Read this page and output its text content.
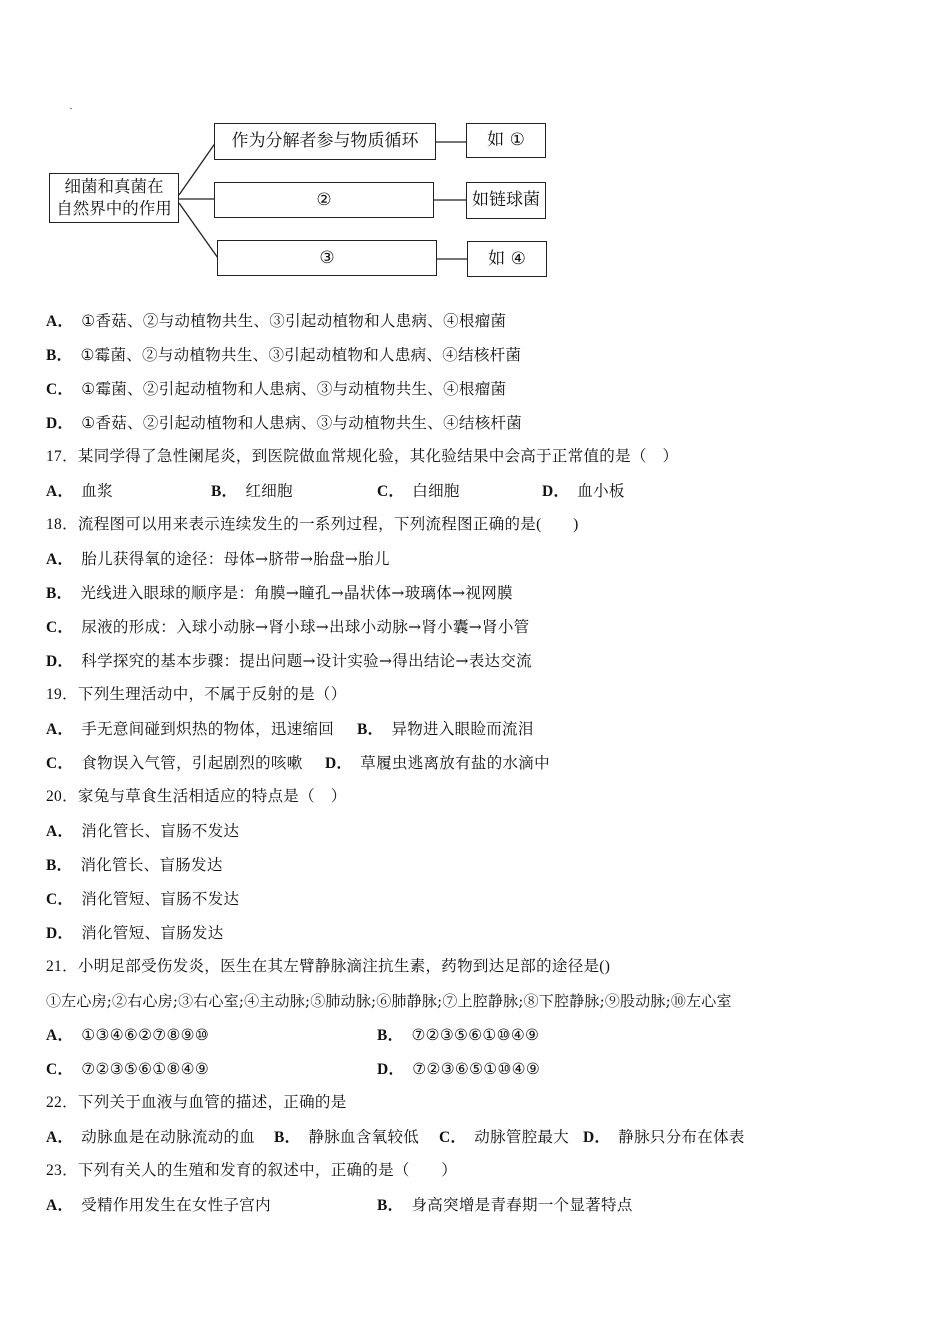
细菌和真菌在
自然界中的作用
作为分解者参与物质循环
②
③
如 ①
如链球菌
如 ④
A． ①香菇、②与动植物共生、③引起动植物和人患病、④根瘤菌
B． ①霉菌、②与动植物共生、③引起动植物和人患病、④结核杆菌
C． ①霉菌、②引起动植物和人患病、③与动植物共生、④根瘤菌
D． ①香菇、②引起动植物和人患病、③与动植物共生、④结核杆菌
17．某同学得了急性阑尾炎，到医院做血常规化验，其化验结果中会高于正常值的是（　）
A． 血浆	B． 红细胞	C． 白细胞	D． 血小板
18．流程图可以用来表示连续发生的一系列过程，下列流程图正确的是(　　)
A． 胎儿获得氧的途径：母体→脐带→胎盘→胎儿
B． 光线进入眼球的顺序是：角膜→瞳孔→晶状体→玻璃体→视网膜
C． 尿液的形成：入球小动脉→肾小球→出球小动脉→肾小囊→肾小管
D． 科学探究的基本步骤：提出问题→设计实验→得出结论→表达交流
19．下列生理活动中，不属于反射的是（）
A． 手无意间碰到炽热的物体，迅速缩回 B． 异物进入眼睑而流泪
C． 食物误入气管，引起剧烈的咳嗽 D． 草履虫逃离放有盐的水滴中
20．家兔与草食生活相适应的特点是（　）
A． 消化管长、盲肠不发达
B． 消化管长、盲肠发达
C． 消化管短、盲肠不发达
D． 消化管短、盲肠发达
21．小明足部受伤发炎，医生在其左臂静脉滴注抗生素，药物到达足部的途径是()
①左心房;②右心房;③右心室;④主动脉;⑤肺动脉;⑥肺静脉;⑦上腔静脉;⑧下腔静脉;⑨股动脉;⑩左心室
A． ①③④⑥②⑦⑧⑨⑩	B． ⑦②③⑤⑥①⑩④⑨
C． ⑦②③⑤⑥①⑧④⑨	D． ⑦②③⑥⑤①⑩④⑨
22．下列关于血液与血管的描述，正确的是
A． 动脉血是在动脉流动的血 B． 静脉血含氧较低 C． 动脉管腔最大 D． 静脉只分布在体表
23．下列有关人的生殖和发育的叙述中，正确的是（　　）
A． 受精作用发生在女性子宫内	B． 身高突增是青春期一个显著特点
